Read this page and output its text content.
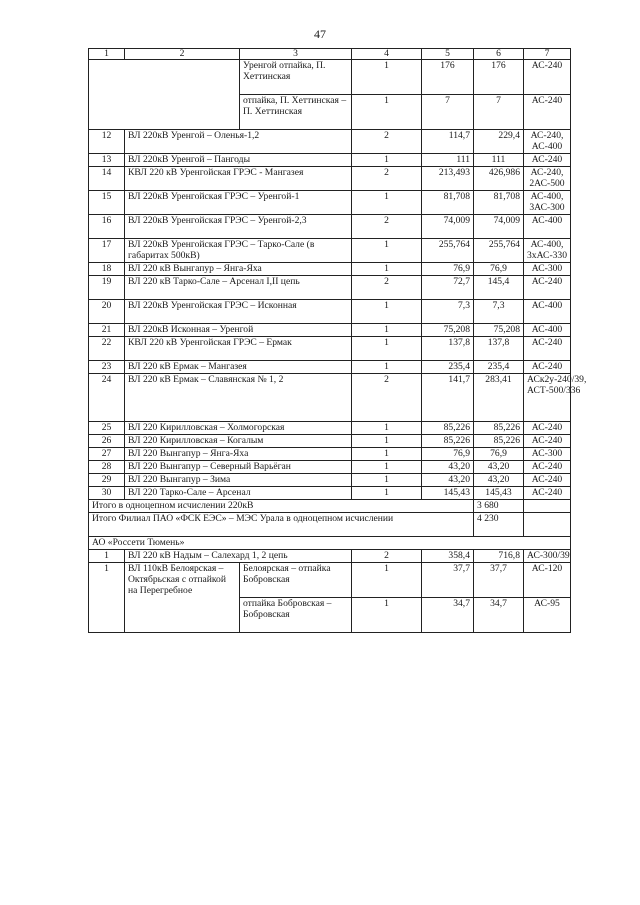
47
1	2	3	4	5	6	7
		Уренгой отпайка, П. Хеттинская	1	176	176	АС-240
		отпайка, П. Хеттинская – П. Хеттинская	1	7	7	АС-240
12	ВЛ 220кВ Уренгой – Оленья-1,2		2	114,7	229,4	АС-240, АС-400
13	ВЛ 220кВ Уренгой – Пангоды		1	111	111	АС-240
14	КВЛ 220 кВ Уренгойская ГРЭС - Мангазея		2	213,493	426,986	АС-240, 2АС-500
15	ВЛ 220кВ Уренгойская ГРЭС – Уренгой-1		1	81,708	81,708	АС-400, 3АС-300
16	ВЛ 220кВ Уренгойская ГРЭС – Уренгой-2,3		2	74,009	74,009	АС-400
17	ВЛ 220кВ Уренгойская ГРЭС – Тарко-Сале (в габаритах 500кВ)		1	255,764	255,764	АС-400, 3хАС-330
18	ВЛ 220 кВ Вынгапур – Янга-Яха		1	76,9	76,9	АС-300
19	ВЛ 220 кВ Тарко-Сале – Арсенал I,II цепь		2	72,7	145,4	АС-240
20	ВЛ 220кВ Уренгойская ГРЭС – Исконная		1	7,3	7,3	АС-400
21	ВЛ 220кВ Исконная – Уренгой		1	75,208	75,208	АС-400
22	КВЛ 220 кВ Уренгойская ГРЭС – Ермак		1	137,8	137,8	АС-240
23	ВЛ 220 кВ Ермак – Мангазея		1	235,4	235,4	АС-240
24	ВЛ 220 кВ Ермак – Славянская № 1, 2		2	141,7	283,41	АСк2у-240/39, АСТ-500/336
25	ВЛ 220 Кирилловская – Холмогорская		1	85,226	85,226	АС-240
26	ВЛ 220 Кирилловская – Когалым		1	85,226	85,226	АС-240
27	ВЛ 220 Вынгапур – Янга-Яха		1	76,9	76,9	АС-300
28	ВЛ 220 Вынгапур – Северный Варьёган		1	43,20	43,20	АС-240
29	ВЛ 220 Вынгапур – Зима		1	43,20	43,20	АС-240
30	ВЛ 220 Тарко-Сале – Арсенал		1	145,43	145,43	АС-240
Итого в одноцепном исчислении 220кВ					3 680	
Итого Филиал ПАО «ФСК ЕЭС» – МЭС Урала в одноцепном исчислении					4 230	
АО «Россети Тюмень»						
1	ВЛ 220 кВ Надым – Салехард 1, 2 цепь		2	358,4	716,8	АС-300/39
1	ВЛ 110кВ Белоярская – Октябрьская с отпайкой на Перегребное	Белоярская – отпайка Бобровская	1	37,7	37,7	АС-120
		отпайка Бобровская – Бобровская	1	34,7	34,7	АС-95
